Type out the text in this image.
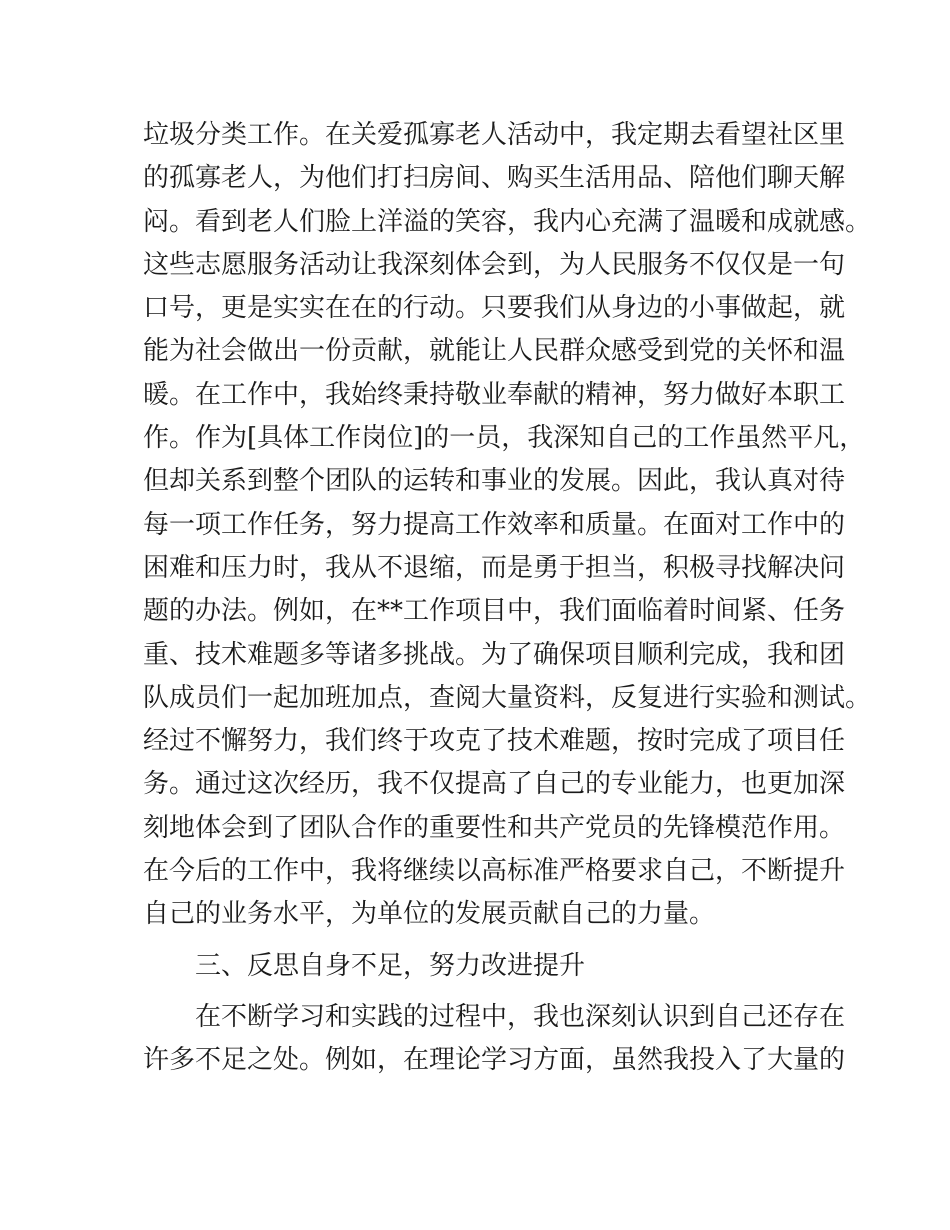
垃圾分类工作。在关爱孤寡老人活动中，我定期去看望社区里
的孤寡老人，为他们打扫房间、购买生活用品、陪他们聊天解
闷。看到老人们脸上洋溢的笑容，我内心充满了温暖和成就感。
这些志愿服务活动让我深刻体会到，为人民服务不仅仅是一句
口号，更是实实在在的行动。只要我们从身边的小事做起，就
能为社会做出一份贡献，就能让人民群众感受到党的关怀和温
暖。在工作中，我始终秉持敬业奉献的精神，努力做好本职工
作。作为[具体工作岗位]的一员，我深知自己的工作虽然平凡，
但却关系到整个团队的运转和事业的发展。因此，我认真对待
每一项工作任务，努力提高工作效率和质量。在面对工作中的
困难和压力时，我从不退缩，而是勇于担当，积极寻找解决问
题的办法。例如，在**工作项目中，我们面临着时间紧、任务
重、技术难题多等诸多挑战。为了确保项目顺利完成，我和团
队成员们一起加班加点，查阅大量资料，反复进行实验和测试。
经过不懈努力，我们终于攻克了技术难题，按时完成了项目任
务。通过这次经历，我不仅提高了自己的专业能力，也更加深
刻地体会到了团队合作的重要性和共产党员的先锋模范作用。
在今后的工作中，我将继续以高标准严格要求自己，不断提升
自己的业务水平，为单位的发展贡献自己的力量。
三、反思自身不足，努力改进提升
在不断学习和实践的过程中，我也深刻认识到自己还存在
许多不足之处。例如，在理论学习方面，虽然我投入了大量的
